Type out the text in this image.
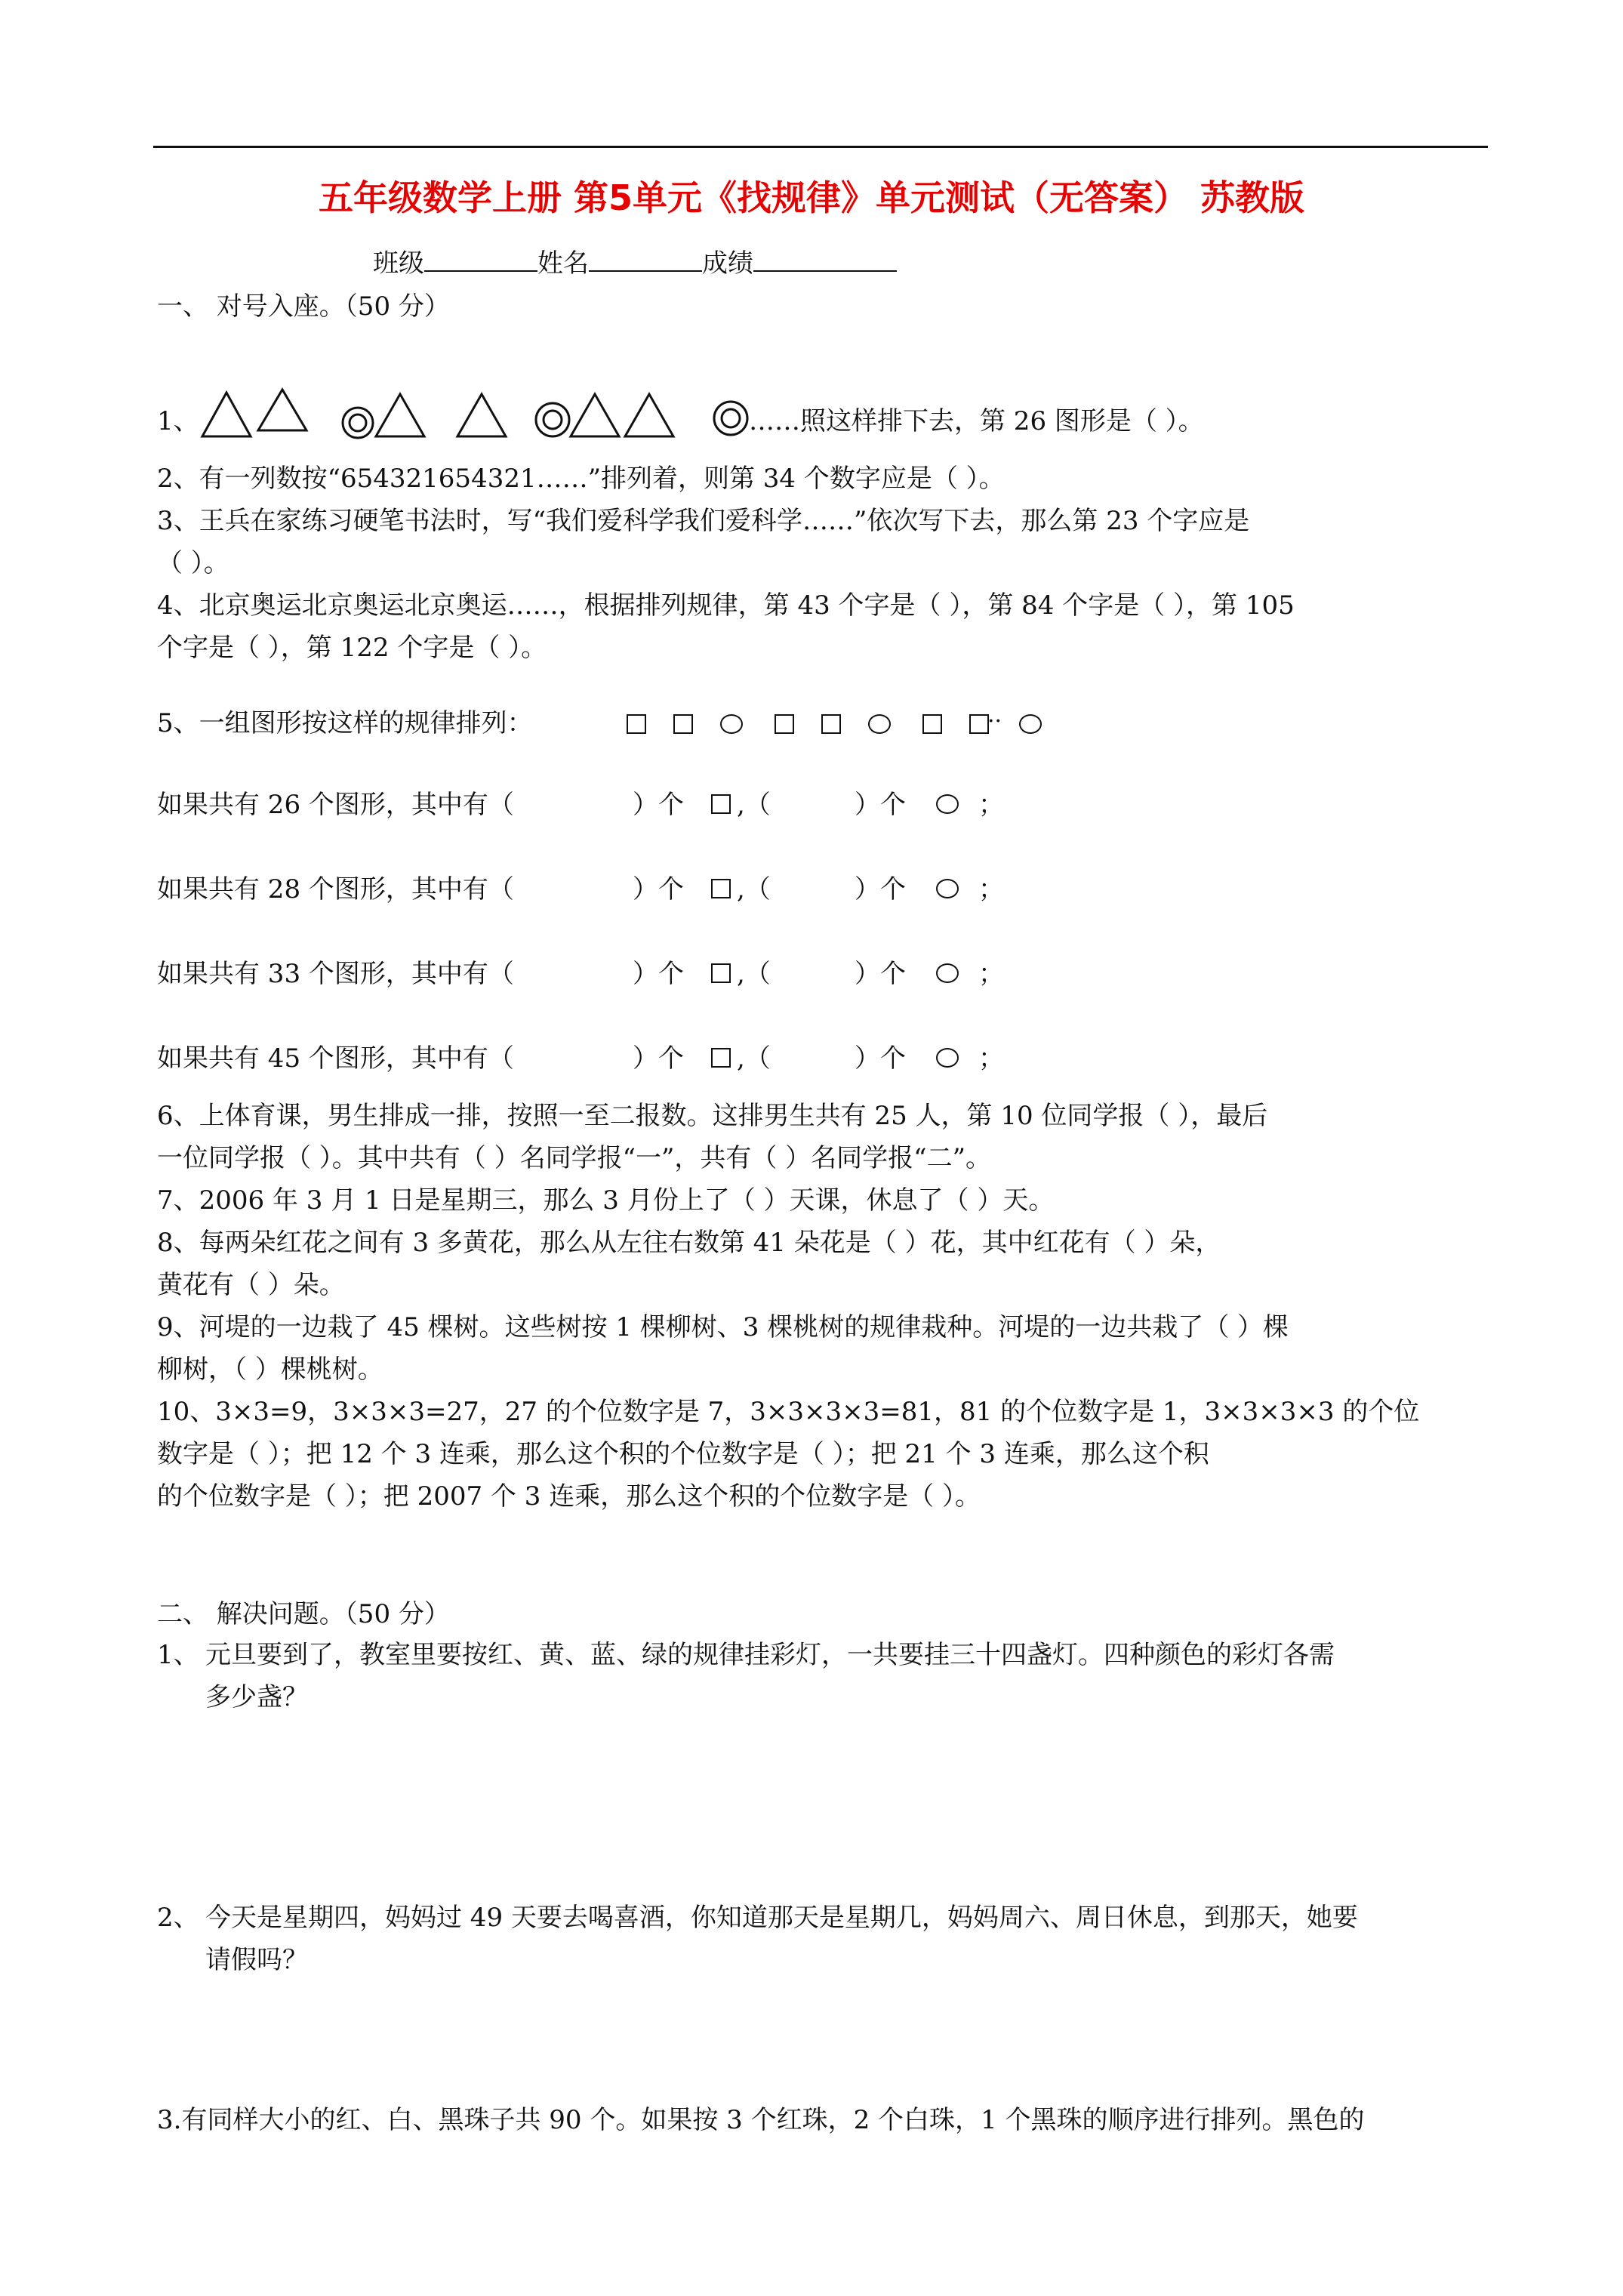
五年级数学上册 第5单元《找规律》单元测试（无答案） 苏教版
班级	姓名	成绩
一、 对号入座。（50 分）
1、	……照这样排下去，第 26 图形是（ ）。
2、有一列数按“654321654321……”排列着，则第 34 个数字应是（ ）。
3、王兵在家练习硬笔书法时，写“我们爱科学我们爱科学……”依次写下去，那么第 23 个字应是
（ ）。
4、北京奥运北京奥运北京奥运……，根据排列规律，第 43 个字是（ ），第 84 个字是（ ），第 105
个字是（ ），第 122 个字是（ ）。
5、一组图形按这样的规律排列：	··
如果共有 26 个图形，其中有（	）个 ,（	）个	；
如果共有 28 个图形，其中有（	）个 ,（	）个	；
如果共有 33 个图形，其中有（	）个 ,（	）个	；
如果共有 45 个图形，其中有（	）个 ,（	）个	；
6、上体育课，男生排成一排，按照一至二报数。这排男生共有 25 人，第 10 位同学报（ ），最后
一位同学报（ ）。其中共有（ ）名同学报“一”，共有（ ）名同学报“二”。
7、2006 年 3 月 1 日是星期三，那么 3 月份上了（ ）天课，休息了（ ）天。
8、每两朵红花之间有 3 多黄花，那么从左往右数第 41 朵花是（ ）花，其中红花有（ ）朵，
黄花有（ ）朵。
9、河堤的一边栽了 45 棵树。这些树按 1 棵柳树、3 棵桃树的规律栽种。河堤的一边共栽了（ ）棵
柳树，（ ）棵桃树。
10、3×3=9，3×3×3=27，27 的个位数字是 7，3×3×3×3=81，81 的个位数字是 1，3×3×3×3 的个位
数字是（ ）；把 12 个 3 连乘，那么这个积的个位数字是（ ）；把 21 个 3 连乘，那么这个积
的个位数字是（ ）；把 2007 个 3 连乘，那么这个积的个位数字是（ ）。
二、 解决问题。（50 分）
1、 元旦要到了，教室里要按红、黄、蓝、绿的规律挂彩灯，一共要挂三十四盏灯。四种颜色的彩灯各需
多少盏？
2、 今天是星期四，妈妈过 49 天要去喝喜酒，你知道那天是星期几，妈妈周六、周日休息，到那天，她要
请假吗？
3.有同样大小的红、白、黑珠子共 90 个。如果按 3 个红珠，2 个白珠，1 个黑珠的顺序进行排列。黑色的
